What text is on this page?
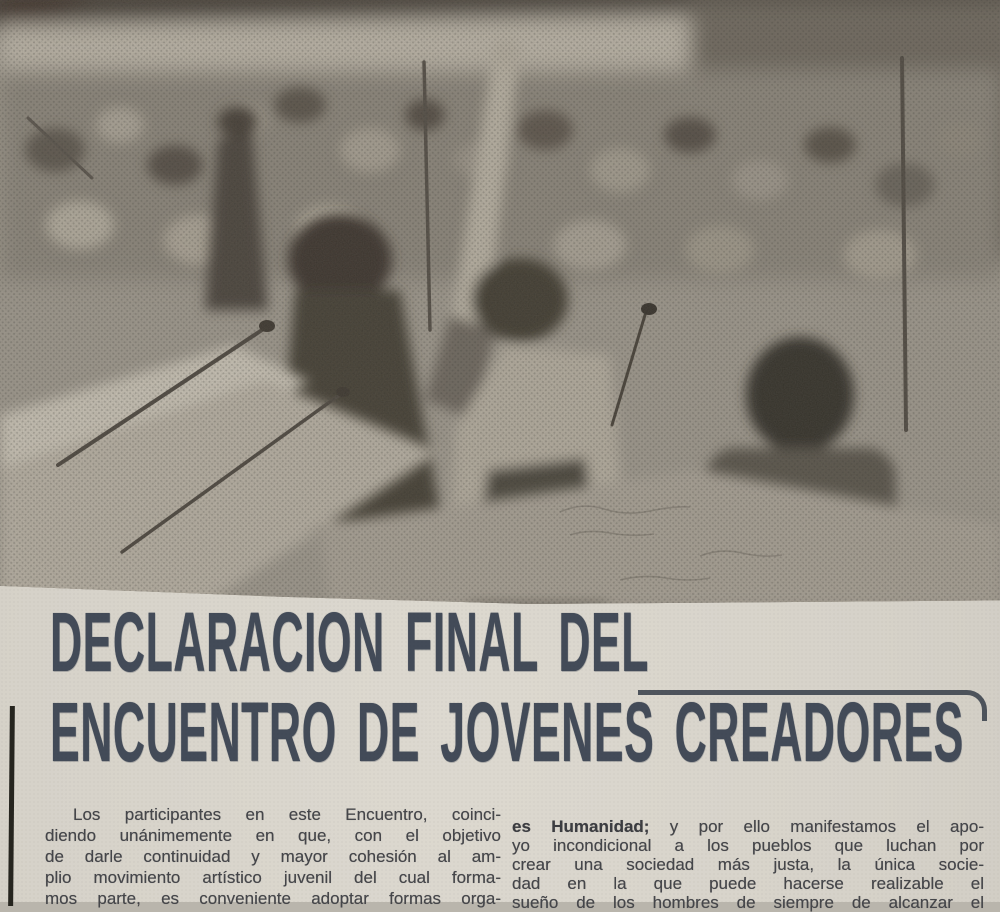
DECLARACION FINAL DEL
ENCUENTRO DE JOVENES CREADORES
Los participantes en este Encuentro, coinci-
diendo unánimemente en que, con el objetivo
de darle continuidad y mayor cohesión al am-
plio movimiento artístico juvenil del cual forma-
mos parte, es conveniente adoptar formas orga-
es Humanidad; y por ello manifestamos el apo-
yo incondicional a los pueblos que luchan por
crear una sociedad más justa, la única socie-
dad en la que puede hacerse realizable el
sueño de los hombres de siempre de alcanzar el
